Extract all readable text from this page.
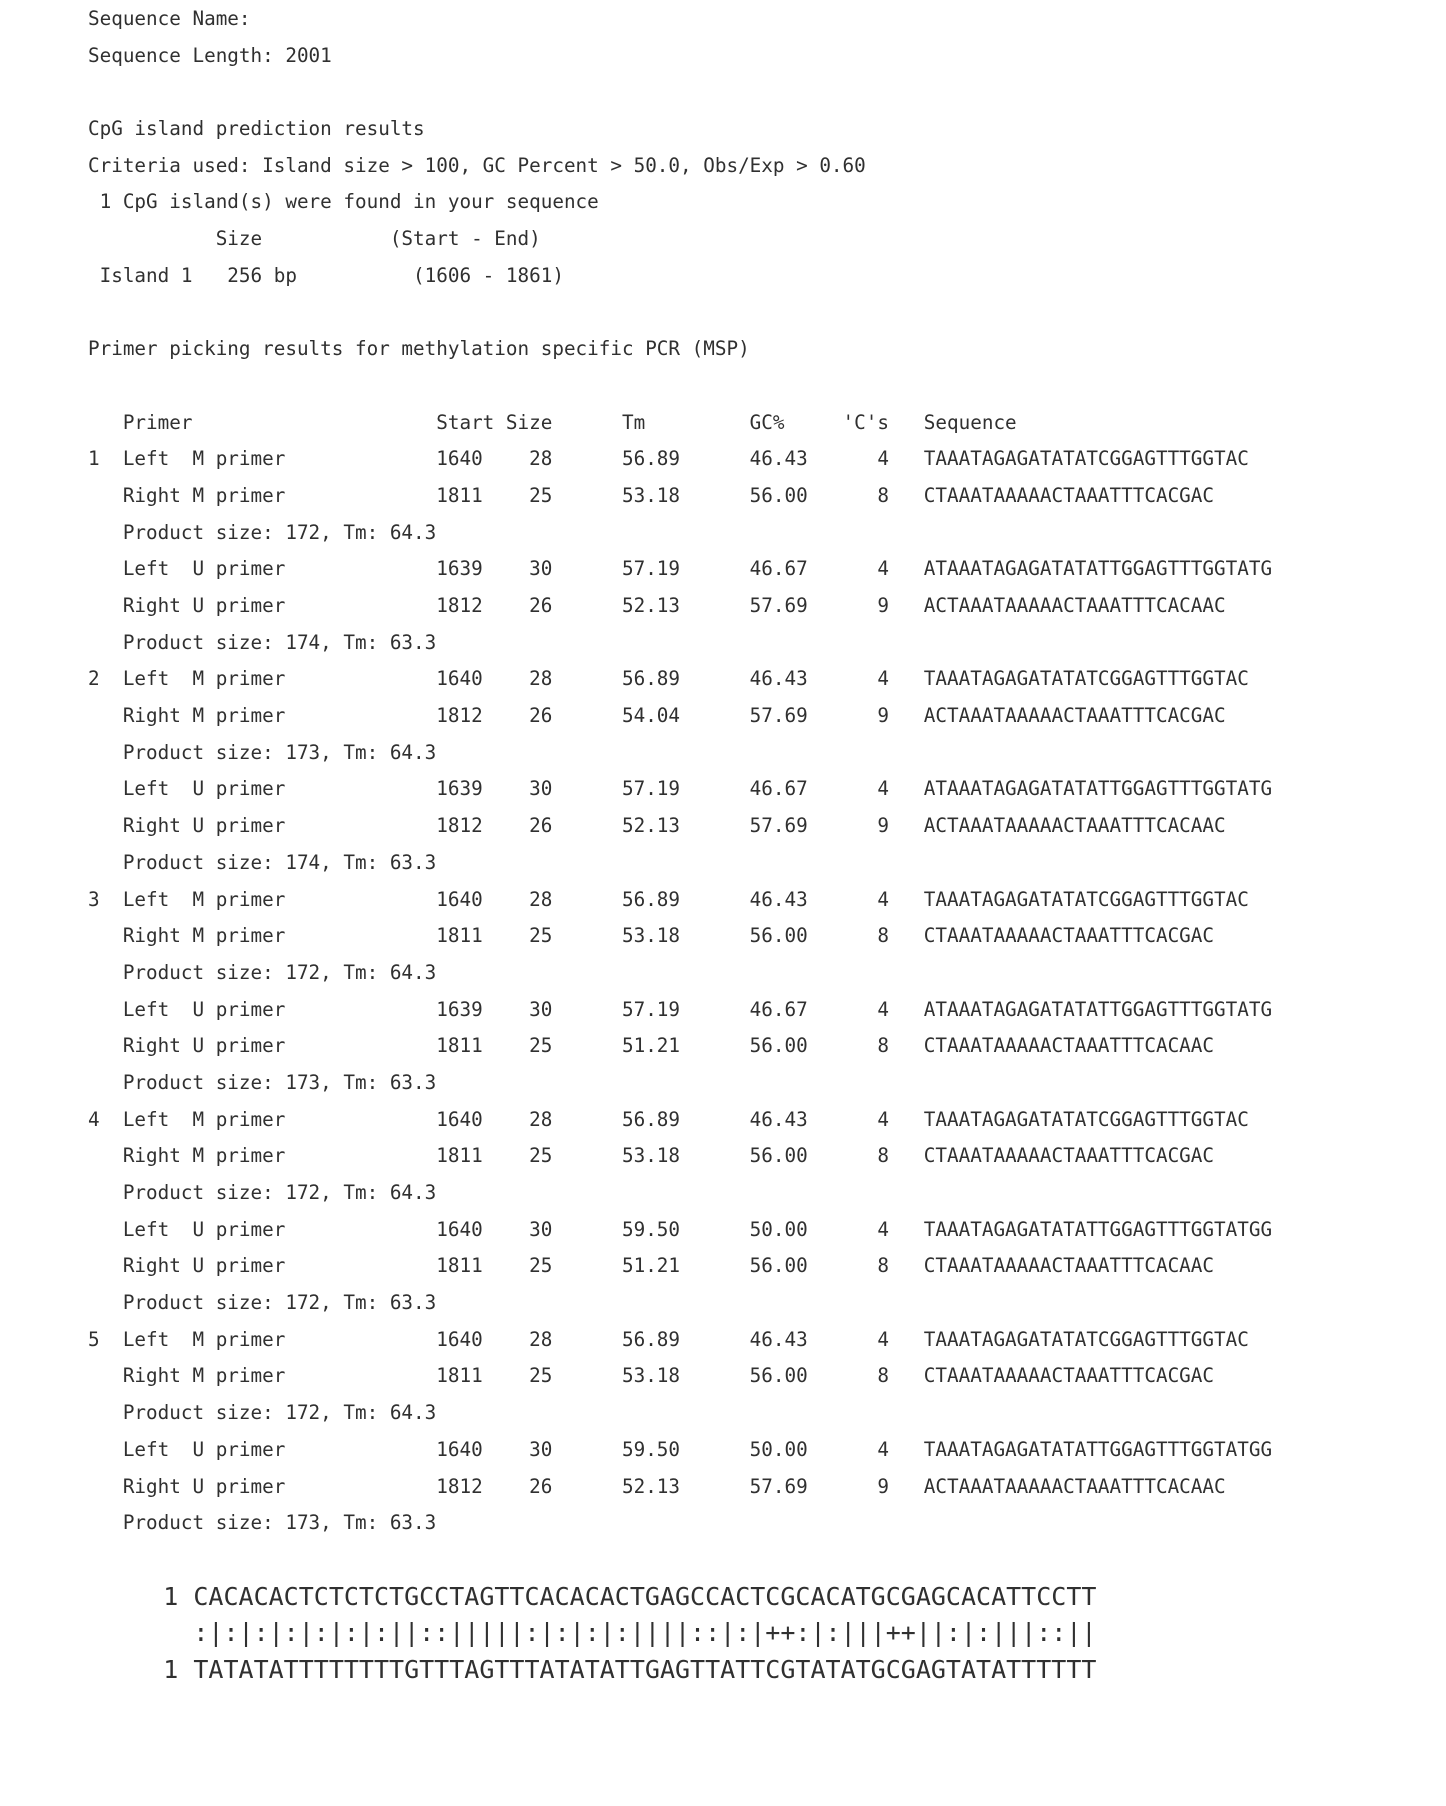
Sequence Name:
Sequence Length: 2001
CpG island prediction results
Criteria used: Island size > 100, GC Percent > 50.0, Obs/Exp > 0.60
1 CpG island(s) were found in your sequence
Size           (Start - End)
Island 1   256 bp          (1606 - 1861)
Primer picking results for methylation specific PCR (MSP)
Primer                     Start Size      Tm         GC%     'C's   Sequence
1  Left  M primer             1640    28      56.89      46.43      4   TAAATAGAGATATATCGGAGTTTGGTAC
Right M primer             1811    25      53.18      56.00      8   CTAAATAAAAACTAAATTTCACGAC
Product size: 172, Tm: 64.3
Left  U primer             1639    30      57.19      46.67      4   ATAAATAGAGATATATTGGAGTTTGGTATG
Right U primer             1812    26      52.13      57.69      9   ACTAAATAAAAACTAAATTTCACAAC
Product size: 174, Tm: 63.3
2  Left  M primer             1640    28      56.89      46.43      4   TAAATAGAGATATATCGGAGTTTGGTAC
Right M primer             1812    26      54.04      57.69      9   ACTAAATAAAAACTAAATTTCACGAC
Product size: 173, Tm: 64.3
Left  U primer             1639    30      57.19      46.67      4   ATAAATAGAGATATATTGGAGTTTGGTATG
Right U primer             1812    26      52.13      57.69      9   ACTAAATAAAAACTAAATTTCACAAC
Product size: 174, Tm: 63.3
3  Left  M primer             1640    28      56.89      46.43      4   TAAATAGAGATATATCGGAGTTTGGTAC
Right M primer             1811    25      53.18      56.00      8   CTAAATAAAAACTAAATTTCACGAC
Product size: 172, Tm: 64.3
Left  U primer             1639    30      57.19      46.67      4   ATAAATAGAGATATATTGGAGTTTGGTATG
Right U primer             1811    25      51.21      56.00      8   CTAAATAAAAACTAAATTTCACAAC
Product size: 173, Tm: 63.3
4  Left  M primer             1640    28      56.89      46.43      4   TAAATAGAGATATATCGGAGTTTGGTAC
Right M primer             1811    25      53.18      56.00      8   CTAAATAAAAACTAAATTTCACGAC
Product size: 172, Tm: 64.3
Left  U primer             1640    30      59.50      50.00      4   TAAATAGAGATATATTGGAGTTTGGTATGG
Right U primer             1811    25      51.21      56.00      8   CTAAATAAAAACTAAATTTCACAAC
Product size: 172, Tm: 63.3
5  Left  M primer             1640    28      56.89      46.43      4   TAAATAGAGATATATCGGAGTTTGGTAC
Right M primer             1811    25      53.18      56.00      8   CTAAATAAAAACTAAATTTCACGAC
Product size: 172, Tm: 64.3
Left  U primer             1640    30      59.50      50.00      4   TAAATAGAGATATATTGGAGTTTGGTATGG
Right U primer             1812    26      52.13      57.69      9   ACTAAATAAAAACTAAATTTCACAAC
Product size: 173, Tm: 63.3
1 CACACACTCTCTCTGCCTAGTTCACACACTGAGCCACTCGCACATGCGAGCACATTCCTT
:|:|:|:|:|:|:||::|||||:|:|:|:||||::|:|++:|:|||++||:|:|||::||
1 TATATATTTTTTTTGTTTAGTTTATATATTGAGTTATTCGTATATGCGAGTATATTTTTT
